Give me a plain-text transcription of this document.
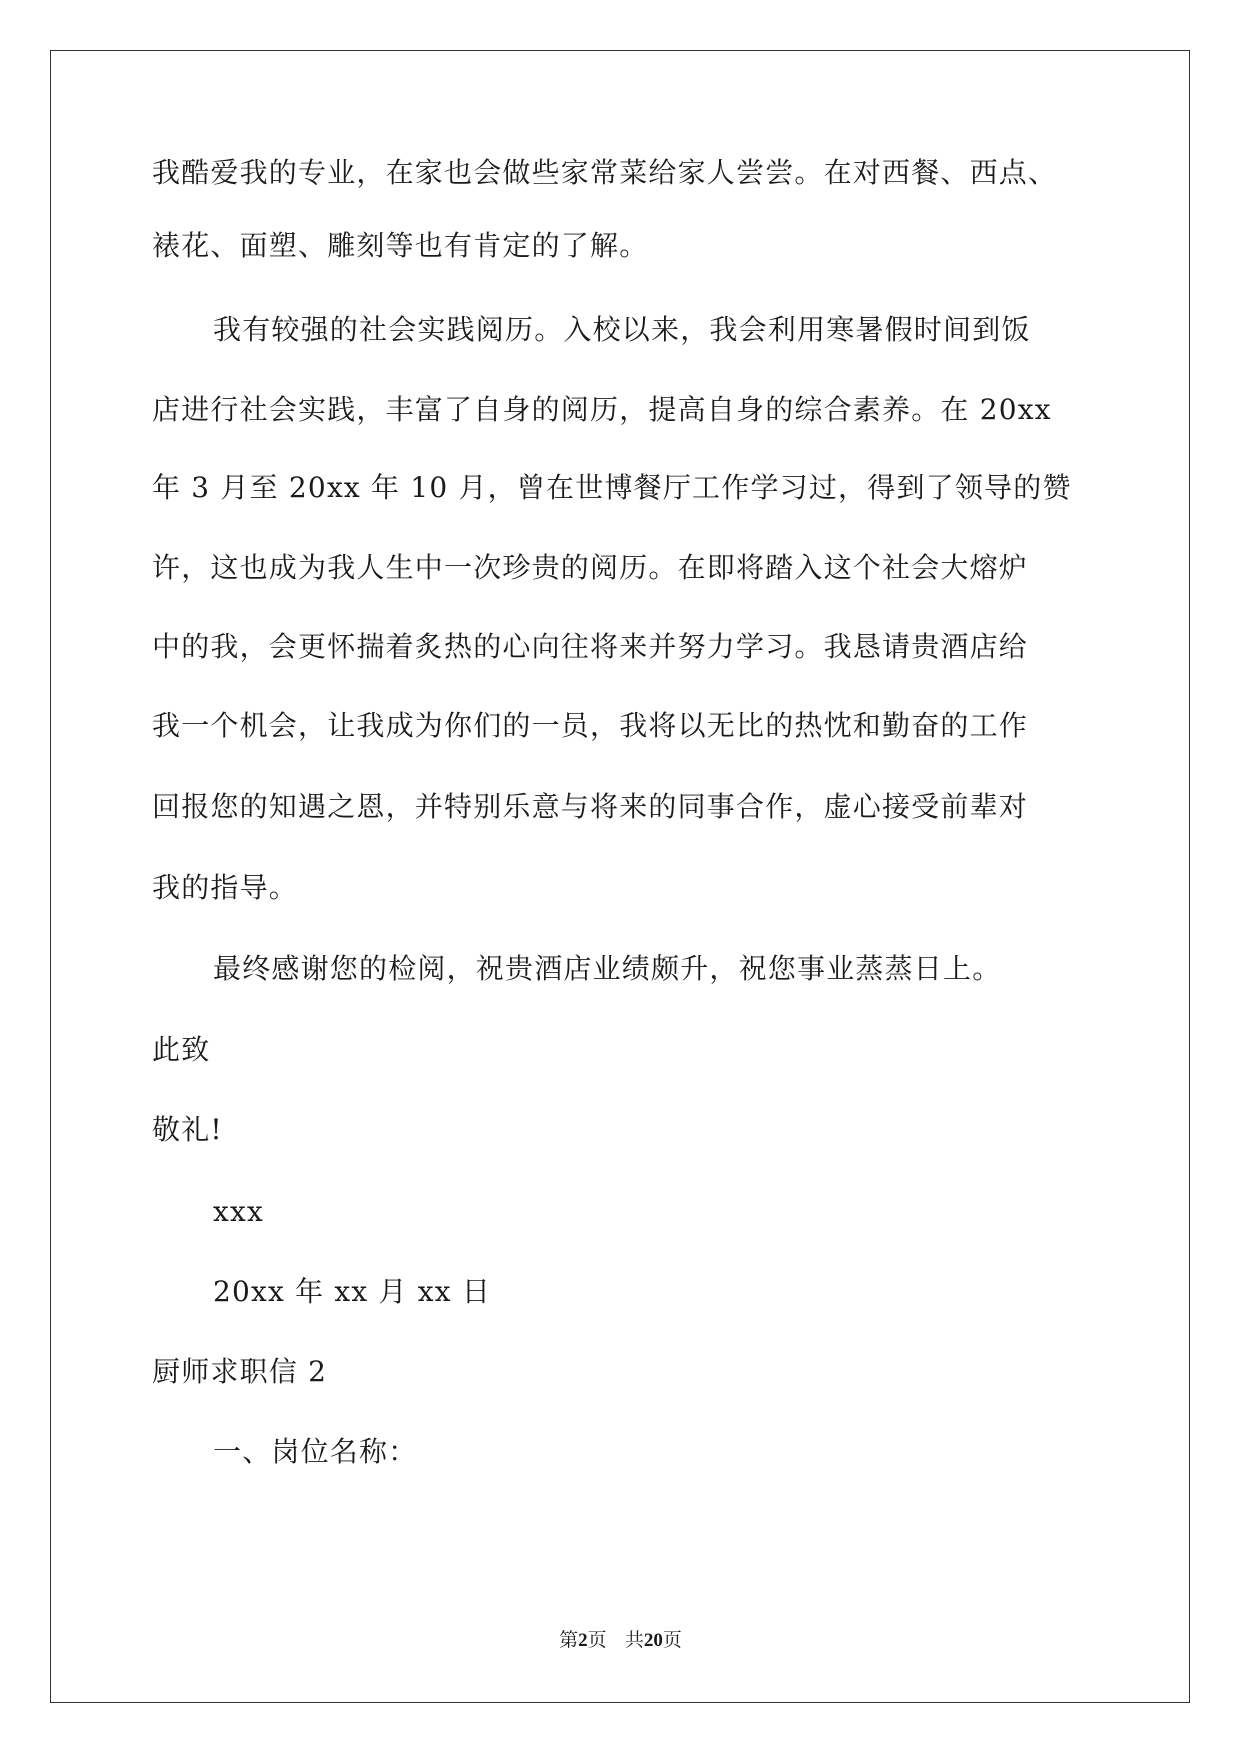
我酷爱我的专业，在家也会做些家常菜给家人尝尝。在对西餐、西点、
裱花、面塑、雕刻等也有肯定的了解。
我有较强的社会实践阅历。入校以来，我会利用寒暑假时间到饭
店进行社会实践，丰富了自身的阅历，提高自身的综合素养。在 20xx
年 3 月至 20xx 年 10 月，曾在世博餐厅工作学习过，得到了领导的赞
许，这也成为我人生中一次珍贵的阅历。在即将踏入这个社会大熔炉
中的我，会更怀揣着炙热的心向往将来并努力学习。我恳请贵酒店给
我一个机会，让我成为你们的一员，我将以无比的热忱和勤奋的工作
回报您的知遇之恩，并特别乐意与将来的同事合作，虚心接受前辈对
我的指导。
最终感谢您的检阅，祝贵酒店业绩颇升，祝您事业蒸蒸日上。
此致
敬礼!
xxx
20xx 年 xx 月 xx 日
厨师求职信 2
一、岗位名称：
第2页 共20页
